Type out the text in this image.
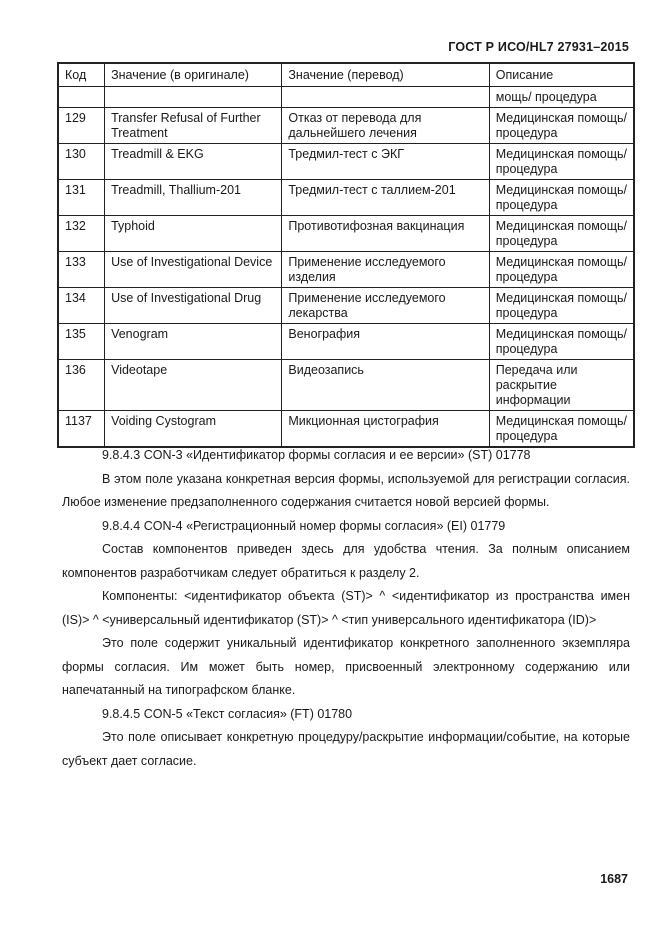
ГОСТ Р ИСО/HL7 27931–2015
Код	Значение (в оригинале)	Значение (перевод)	Описание
			мощь/ процедура
129	Transfer Refusal of Further Treatment	Отказ от перевода для дальнейшего лечения	Медицинская помощь/ процедура
130	Treadmill & EKG	Тредмил-тест с ЭКГ	Медицинская помощь/ процедура
131	Treadmill, Thallium-201	Тредмил-тест с таллием-201	Медицинская помощь/ процедура
132	Typhoid	Противотифозная вакцинация	Медицинская помощь/ процедура
133	Use of Investigational Device	Применение исследуемого изделия	Медицинская помощь/ процедура
134	Use of Investigational Drug	Применение исследуемого лекарства	Медицинская помощь/ процедура
135	Venogram	Венография	Медицинская помощь/ процедура
136	Videotape	Видеозапись	Передача или раскрытие информации
1137	Voiding Cystogram	Микционная цистография	Медицинская помощь/ процедура

9.8.4.3 CON-3 «Идентификатор формы согласия и ее версии» (ST) 01778

В этом поле указана конкретная версия формы, используемой для регистрации согласия. Любое изменение предзаполненного содержания считается новой версией формы.

9.8.4.4 CON-4 «Регистрационный номер формы согласия» (EI) 01779

Состав компонентов приведен здесь для удобства чтения. За полным описанием компонентов разработчикам следует обратиться к разделу 2.

Компоненты: <идентификатор объекта (ST)> ^ <идентификатор из пространства имен (IS)> ^ <универсальный идентификатор (ST)> ^ <тип универсального идентификатора (ID)>

Это поле содержит уникальный идентификатор конкретного заполненного экземпляра формы согласия. Им может быть номер, присвоенный электронному содержанию или напечатанный на типографском бланке.

9.8.4.5 CON-5 «Текст согласия» (FT) 01780

Это поле описывает конкретную процедуру/раскрытие информации/событие, на которые субъект дает согласие.

1687
